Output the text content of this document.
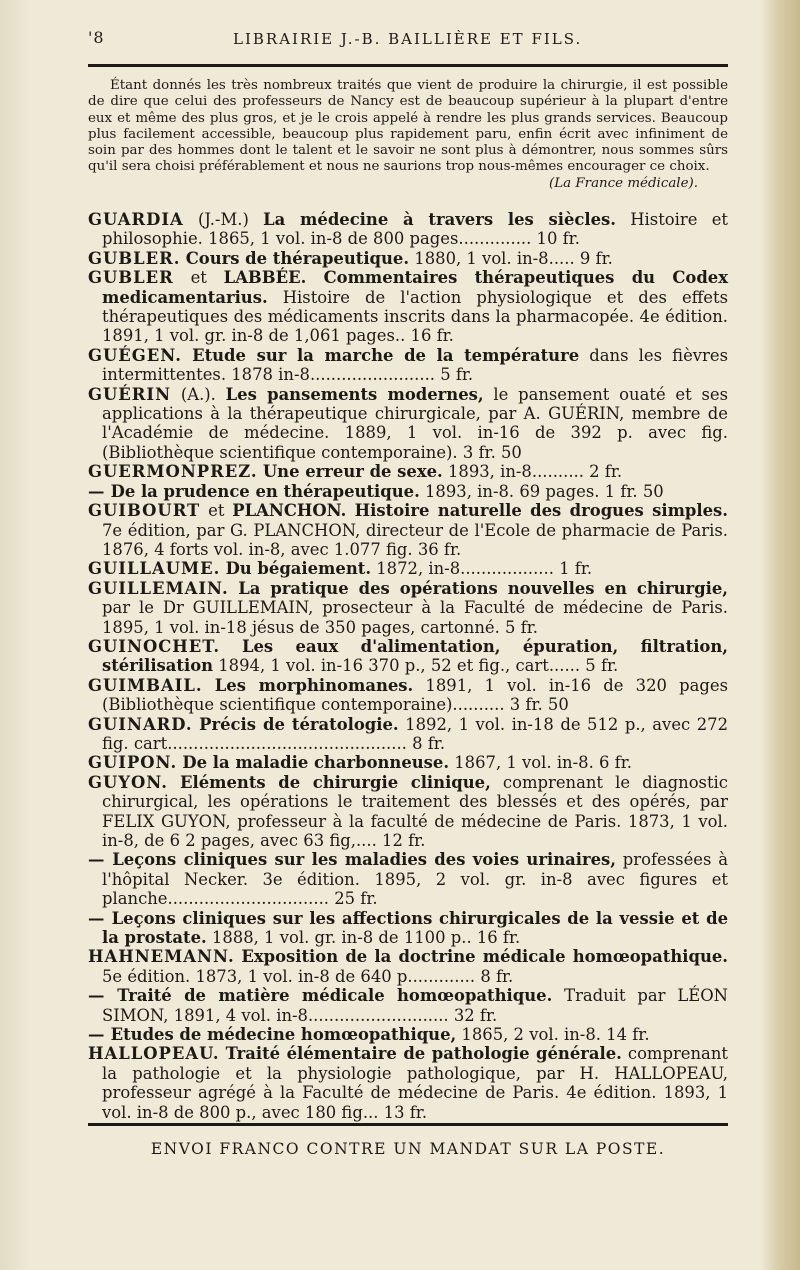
'8	LIBRAIRIE J.-B. BAILLIÈRE ET FILS.

Étant donnés les très nombreux traités que vient de produire la chirurgie, il est possible de dire que celui des professeurs de Nancy est de beaucoup supérieur à la plupart d'entre eux et même des plus gros, et je le crois appelé à rendre les plus grands services. Beaucoup plus facilement accessible, beaucoup plus rapidement paru, enfin écrit avec infiniment de soin par des hommes dont le talent et le savoir ne sont plus à démontrer, nous sommes sûrs qu'il sera choisi préférablement et nous ne saurions trop nous-mêmes encourager ce choix.

(La France médicale).

GUARDIA (J.-M.) La médecine à travers les siècles. Histoire et philosophie. 1865, 1 vol. in-8 de 800 pages.............. 10 fr.

GUBLER. Cours de thérapeutique. 1880, 1 vol. in-8..... 9 fr.

GUBLER et LABBÉE. Commentaires thérapeutiques du Codex medicamentarius. Histoire de l'action physiologique et des effets thérapeutiques des médicaments inscrits dans la pharmacopée. 4e édition. 1891, 1 vol. gr. in-8 de 1,061 pages.. 16 fr.

GUÉGEN. Etude sur la marche de la température dans les fièvres intermittentes. 1878 in-8........................ 5 fr.

GUÉRIN (A.). Les pansements modernes, le pansement ouaté et ses applications à la thérapeutique chirurgicale, par A. GUÉRIN, membre de l'Académie de médecine. 1889, 1 vol. in-16 de 392 p. avec fig. (Bibliothèque scientifique contemporaine). 3 fr. 50

GUERMONPREZ. Une erreur de sexe. 1893, in-8.......... 2 fr.

— De la prudence en thérapeutique. 1893, in-8. 69 pages. 1 fr. 50

GUIBOURT et PLANCHON. Histoire naturelle des drogues simples. 7e édition, par G. PLANCHON, directeur de l'Ecole de pharmacie de Paris. 1876, 4 forts vol. in-8, avec 1.077 fig. 36 fr.

GUILLAUME. Du bégaiement. 1872, in-8.................. 1 fr.

GUILLEMAIN. La pratique des opérations nouvelles en chirurgie, par le Dr GUILLEMAIN, prosecteur à la Faculté de médecine de Paris. 1895, 1 vol. in-18 jésus de 350 pages, cartonné. 5 fr.

GUINOCHET. Les eaux d'alimentation, épuration, filtration, stérilisation 1894, 1 vol. in-16 370 p., 52 et fig., cart...... 5 fr.

GUIMBAIL. Les morphinomanes. 1891, 1 vol. in-16 de 320 pages (Bibliothèque scientifique contemporaine).......... 3 fr. 50

GUINARD. Précis de tératologie. 1892, 1 vol. in-18 de 512 p., avec 272 fig. cart.............................................. 8 fr.

GUIPON. De la maladie charbonneuse. 1867, 1 vol. in-8. 6 fr.

GUYON. Eléments de chirurgie clinique, comprenant le diagnostic chirurgical, les opérations le traitement des blessés et des opérés, par FELIX GUYON, professeur à la faculté de médecine de Paris. 1873, 1 vol. in-8, de 6 2 pages, avec 63 fig,.... 12 fr.

— Leçons cliniques sur les maladies des voies urinaires, professées à l'hôpital Necker. 3e édition. 1895, 2 vol. gr. in-8 avec figures et planche............................... 25 fr.

— Leçons cliniques sur les affections chirurgicales de la vessie et de la prostate. 1888, 1 vol. gr. in-8 de 1100 p.. 16 fr.

HAHNEMANN. Exposition de la doctrine médicale homœopathique. 5e édition. 1873, 1 vol. in-8 de 640 p............. 8 fr.

— Traité de matière médicale homœopathique. Traduit par LÉON SIMON, 1891, 4 vol. in-8........................... 32 fr.

— Etudes de médecine homœopathique, 1865, 2 vol. in-8. 14 fr.

HALLOPEAU. Traité élémentaire de pathologie générale. comprenant la pathologie et la physiologie pathologique, par H. HALLOPEAU, professeur agrégé à la Faculté de médecine de Paris. 4e édition. 1893, 1 vol. in-8 de 800 p., avec 180 fig... 13 fr.

ENVOI FRANCO CONTRE UN MANDAT SUR LA POSTE.
